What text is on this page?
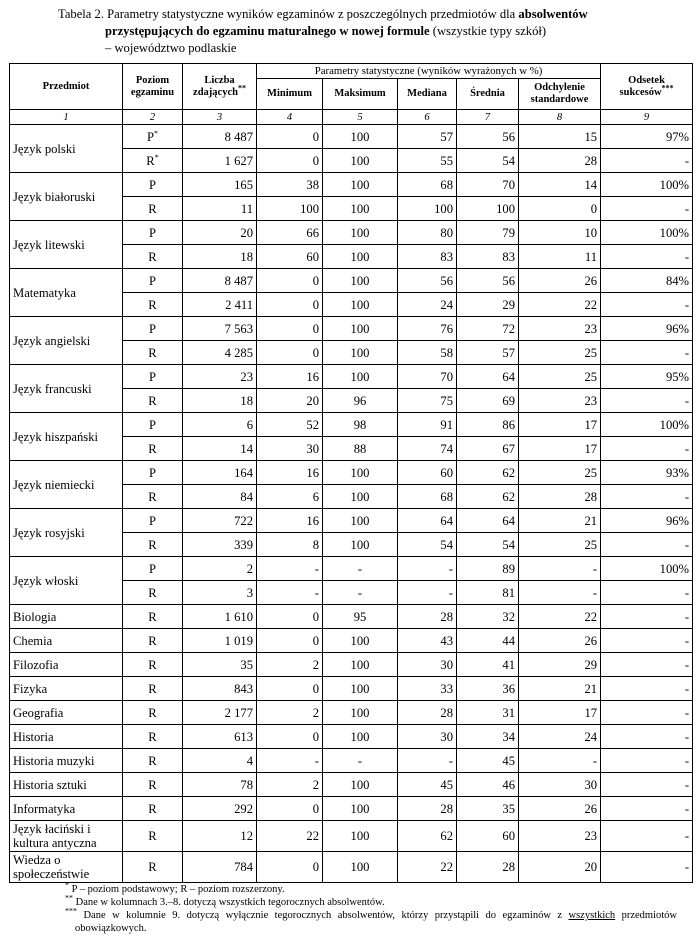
Tabela 2. Parametry statystyczne wyników egzaminów z poszczególnych przedmiotów dla absolwentów
przystępujących do egzaminu maturalnego w nowej formule (wszystkie typy szkół)
– województwo podlaskie
Przedmiot	Poziom egzaminu	Liczba zdających**	Parametry statystyczne (wyników wyrażonych w %)					Odsetek sukcesów***
			Minimum	Maksimum	Mediana	Średnia	Odchylenie standardowe	
1	2	3	4	5	6	7	8	9
Język polski	P*	8 487	0	100	57	56	15	97%
	R*	1 627	0	100	55	54	28	-
Język białoruski	P	165	38	100	68	70	14	100%
	R	11	100	100	100	100	0	-
Język litewski	P	20	66	100	80	79	10	100%
	R	18	60	100	83	83	11	-
Matematyka	P	8 487	0	100	56	56	26	84%
	R	2 411	0	100	24	29	22	-
Język angielski	P	7 563	0	100	76	72	23	96%
	R	4 285	0	100	58	57	25	-
Język francuski	P	23	16	100	70	64	25	95%
	R	18	20	96	75	69	23	-
Język hiszpański	P	6	52	98	91	86	17	100%
	R	14	30	88	74	67	17	-
Język niemiecki	P	164	16	100	60	62	25	93%
	R	84	6	100	68	62	28	-
Język rosyjski	P	722	16	100	64	64	21	96%
	R	339	8	100	54	54	25	-
Język włoski	P	2	-	-	-	89	-	100%
	R	3	-	-	-	81	-	-
Biologia	R	1 610	0	95	28	32	22	-
Chemia	R	1 019	0	100	43	44	26	-
Filozofia	R	35	2	100	30	41	29	-
Fizyka	R	843	0	100	33	36	21	-
Geografia	R	2 177	2	100	28	31	17	-
Historia	R	613	0	100	30	34	24	-
Historia muzyki	R	4	-	-	-	45	-	-
Historia sztuki	R	78	2	100	45	46	30	-
Informatyka	R	292	0	100	28	35	26	-
Język łaciński i kultura antyczna	R	12	22	100	62	60	23	-
Wiedza o społeczeństwie	R	784	0	100	22	28	20	-
* P – poziom podstawowy; R – poziom rozszerzony.
** Dane w kolumnach 3.–8. dotyczą wszystkich tegorocznych absolwentów.
*** Dane w kolumnie 9. dotyczą wyłącznie tegorocznych absolwentów, którzy przystąpili do egzaminów z wszystkich przedmiotów obowiązkowych.
